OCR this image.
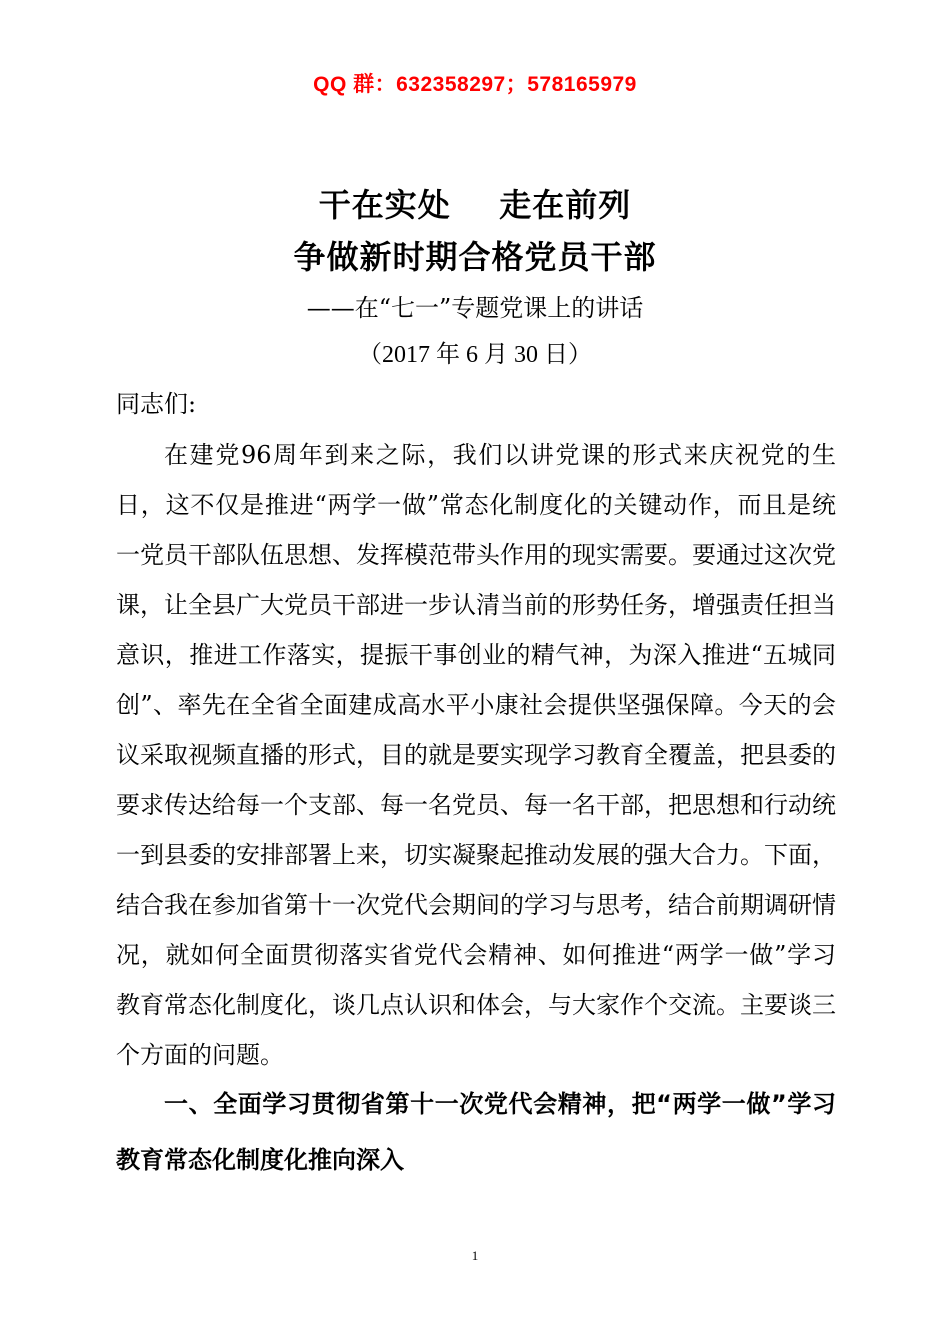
QQ 群：632358297；578165979
干在实处    走在前列
争做新时期合格党员干部
——在“七一”专题党课上的讲话
（2017 年 6 月 30 日）
同志们:

在建党96周年到来之际，我们以讲党课的形式来庆祝党的生日，这不仅是推进“两学一做”常态化制度化的关键动作，而且是统一党员干部队伍思想、发挥模范带头作用的现实需要。要通过这次党课，让全县广大党员干部进一步认清当前的形势任务，增强责任担当意识，推进工作落实，提振干事创业的精气神，为深入推进“五城同创”、率先在全省全面建成高水平小康社会提供坚强保障。今天的会议采取视频直播的形式，目的就是要实现学习教育全覆盖，把县委的要求传达给每一个支部、每一名党员、每一名干部，把思想和行动统一到县委的安排部署上来，切实凝聚起推动发展的强大合力。下面，结合我在参加省第十一次党代会期间的学习与思考，结合前期调研情况，就如何全面贯彻落实省党代会精神、如何推进“两学一做”学习教育常态化制度化，谈几点认识和体会，与大家作个交流。主要谈三个方面的问题。

一、全面学习贯彻省第十一次党代会精神，把“两学一做”学习教育常态化制度化推向深入

1
